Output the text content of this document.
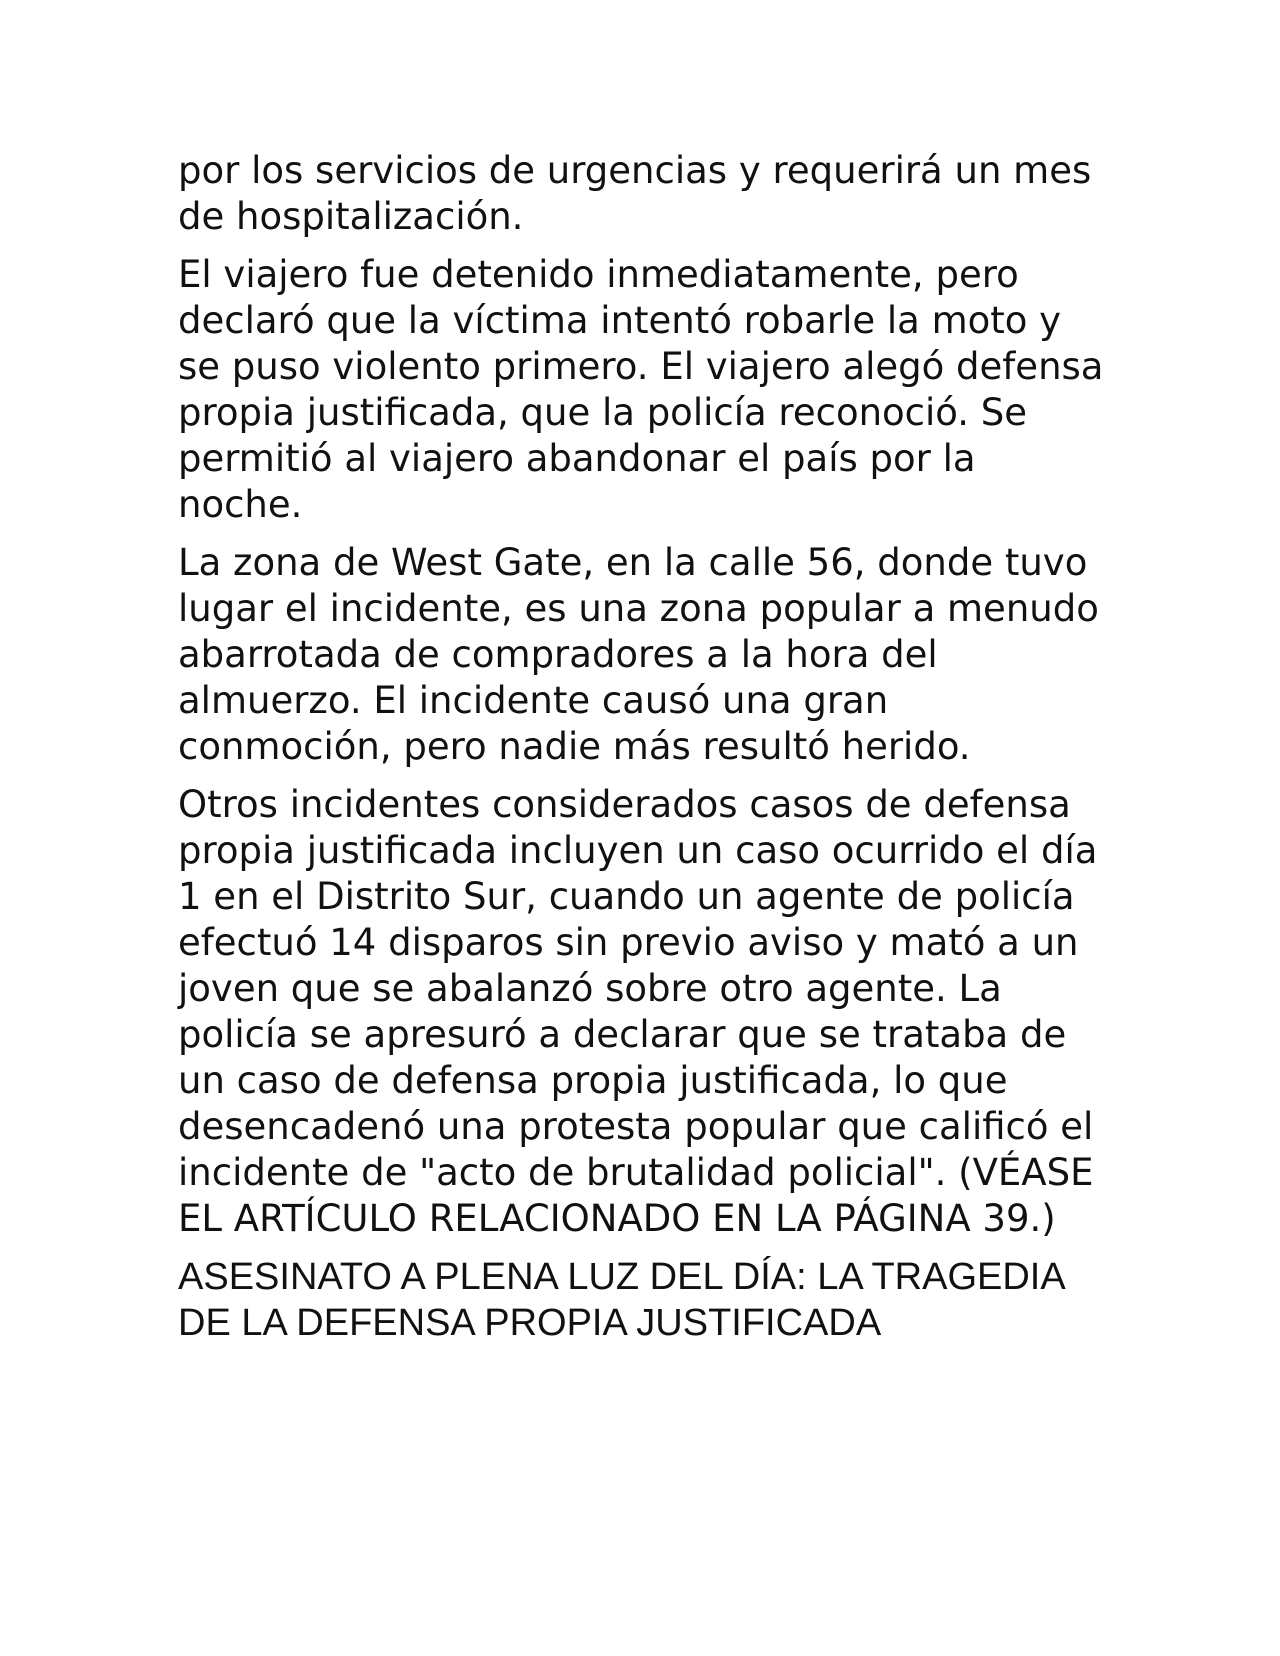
por los servicios de urgencias y requerirá un mes de hospitalización.

El viajero fue detenido inmediatamente, pero declaró que la víctima intentó robarle la moto y se puso violento primero. El viajero alegó defensa propia justificada, que la policía reconoció. Se permitió al viajero abandonar el país por la noche.

La zona de West Gate, en la calle 56, donde tuvo lugar el incidente, es una zona popular a menudo abarrotada de compradores a la hora del almuerzo. El incidente causó una gran conmoción, pero nadie más resultó herido.

Otros incidentes considerados casos de defensa propia justificada incluyen un caso ocurrido el día 1 en el Distrito Sur, cuando un agente de policía efectuó 14 disparos sin previo aviso y mató a un joven que se abalanzó sobre otro agente. La policía se apresuró a declarar que se trataba de un caso de defensa propia justificada, lo que desencadenó una protesta popular que calificó el incidente de "acto de brutalidad policial". (VÉASE EL ARTÍCULO RELACIONADO EN LA PÁGINA 39.)

ASESINATO A PLENA LUZ DEL DÍA: LA TRAGEDIA DE LA DEFENSA PROPIA JUSTIFICADA
